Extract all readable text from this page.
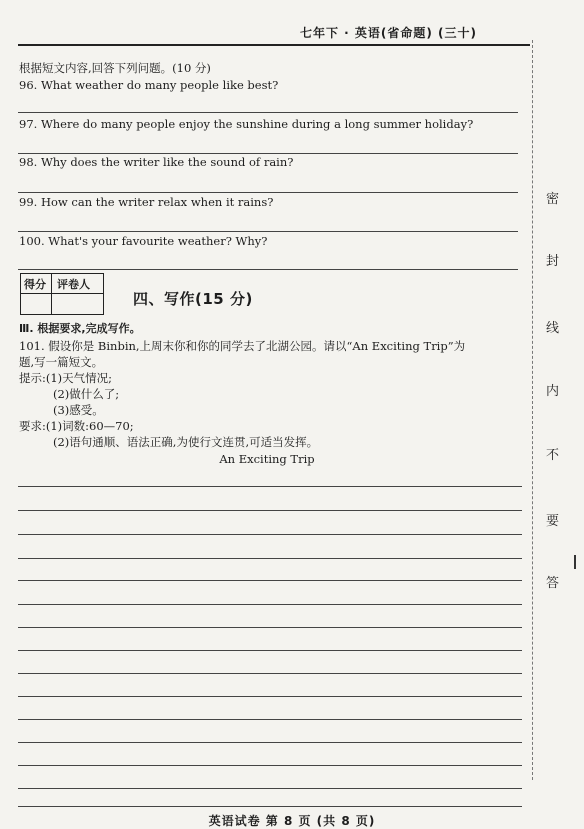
七年下 · 英语(省命题) (三十)
根据短文内容,回答下列问题。(10 分)
96. What weather do many people like best?
97. Where do many people enjoy the sunshine during a long summer holiday?
98. Why does the writer like the sound of rain?
99. How can the writer relax when it rains?
100. What's your favourite weather? Why?
得分 评卷人
四、写作(15 分)
Ⅲ. 根据要求,完成写作。
101. 假设你是 Binbin,上周末你和你的同学去了北湖公园。请以“An Exciting Trip”为
题,写一篇短文。
提示:(1)天气情况;
(2)做什么了;
(3)感受。
要求:(1)词数:60—70;
(2)语句通顺、语法正确,为使行文连贯,可适当发挥。
An Exciting Trip
密
封
线
内
不
要
答
英语试卷 第 8 页 (共 8 页)
